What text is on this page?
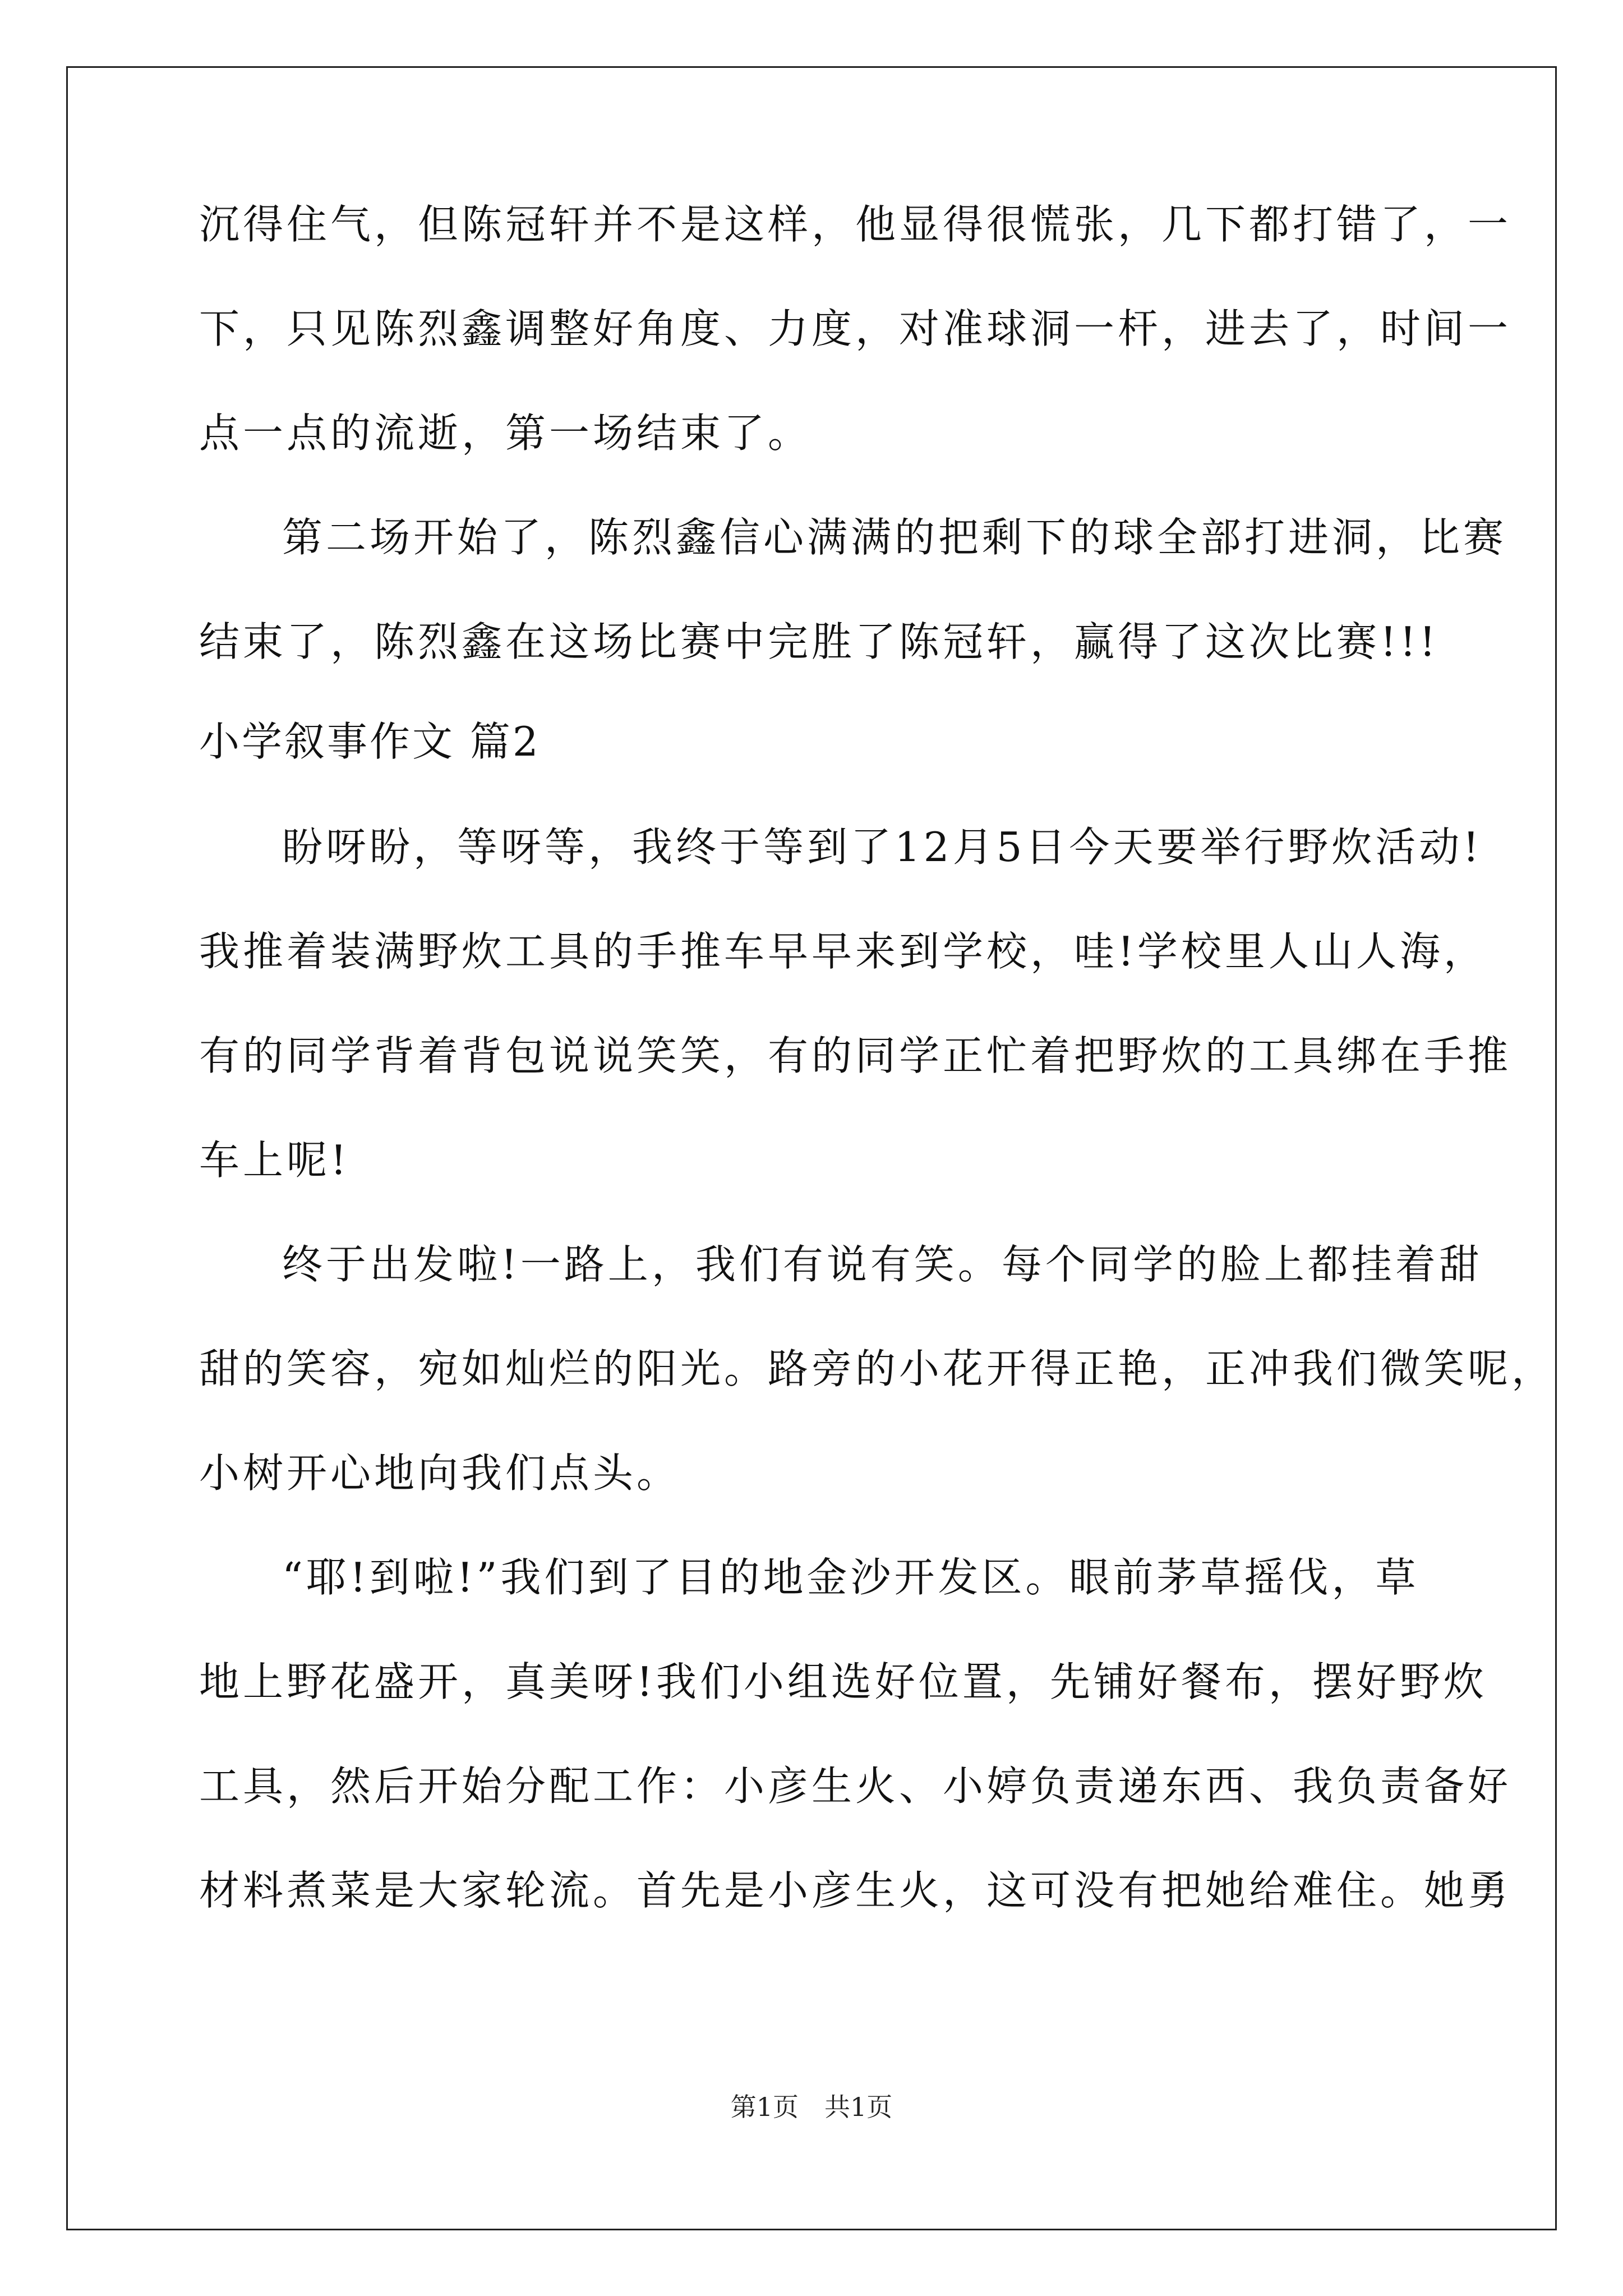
沉得住气，但陈冠轩并不是这样，他显得很慌张，几下都打错了，一
下，只见陈烈鑫调整好角度、力度，对准球洞一杆，进去了，时间一
点一点的流逝，第一场结束了。
第二场开始了，陈烈鑫信心满满的把剩下的球全部打进洞，比赛
结束了，陈烈鑫在这场比赛中完胜了陈冠轩，赢得了这次比赛!!!
小学叙事作文 篇2
盼呀盼，等呀等，我终于等到了12月5日今天要举行野炊活动!
我推着装满野炊工具的手推车早早来到学校，哇!学校里人山人海，
有的同学背着背包说说笑笑，有的同学正忙着把野炊的工具绑在手推
车上呢!
终于出发啦!一路上，我们有说有笑。每个同学的脸上都挂着甜
甜的笑容，宛如灿烂的阳光。路旁的小花开得正艳，正冲我们微笑呢，
小树开心地向我们点头。
“耶!到啦!”我们到了目的地金沙开发区。眼前茅草摇伐，草
地上野花盛开，真美呀!我们小组选好位置，先铺好餐布，摆好野炊
工具，然后开始分配工作：小彦生火、小婷负责递东西、我负责备好
材料煮菜是大家轮流。首先是小彦生火，这可没有把她给难住。她勇
第1页　共1页
